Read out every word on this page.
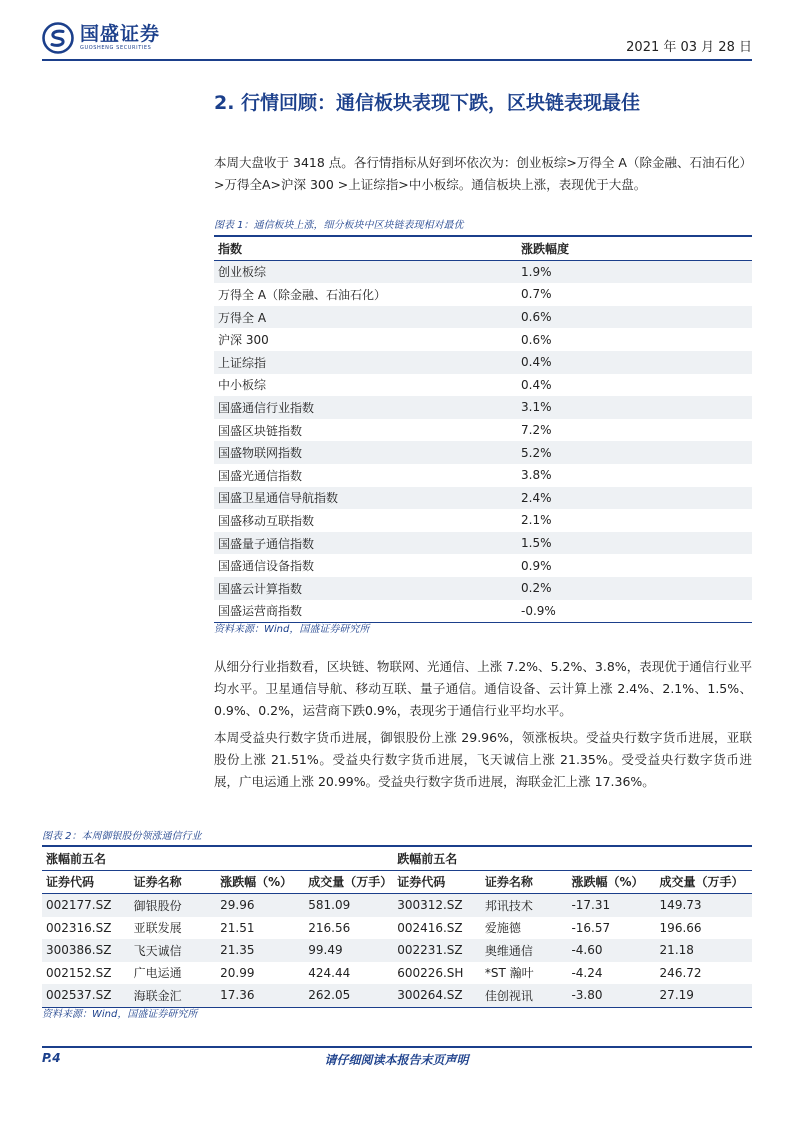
国盛证券
GUOSHENG SECURITIES	2021 年 03 月 28 日
2. 行情回顾：通信板块表现下跌，区块链表现最佳
本周大盘收于 3418 点。各行情指标从好到坏依次为：创业板综>万得全 A（除金融、石油石化）>万得全A>沪深 300 >上证综指>中小板综。通信板块上涨，表现优于大盘。
图表 1：通信板块上涨，细分板块中区块链表现相对最优
指数	涨跌幅度
创业板综	1.9%
万得全 A（除金融、石油石化）	0.7%
万得全 A	0.6%
沪深 300	0.6%
上证综指	0.4%
中小板综	0.4%
国盛通信行业指数	3.1%
国盛区块链指数	7.2%
国盛物联网指数	5.2%
国盛光通信指数	3.8%
国盛卫星通信导航指数	2.4%
国盛移动互联指数	2.1%
国盛量子通信指数	1.5%
国盛通信设备指数	0.9%
国盛云计算指数	0.2%
国盛运营商指数	-0.9%
资料来源：Wind，国盛证券研究所
从细分行业指数看，区块链、物联网、光通信、上涨 7.2%、5.2%、3.8%，表现优于通信行业平均水平。卫星通信导航、移动互联、量子通信。通信设备、云计算上涨 2.4%、2.1%、1.5%、0.9%、0.2%，运营商下跌0.9%，表现劣于通信行业平均水平。
本周受益央行数字货币进展，御银股份上涨 29.96%，领涨板块。受益央行数字货币进展，亚联股份上涨 21.51%。受益央行数字货币进展，飞天诚信上涨 21.35%。受受益央行数字货币进展，广电运通上涨 20.99%。受益央行数字货币进展，海联金汇上涨 17.36%。
图表 2：本周御银股份领涨通信行业
涨幅前五名				跌幅前五名			
证券代码	证券名称	涨跌幅（%）	成交量（万手）	证券代码	证券名称	涨跌幅（%）	成交量（万手）
002177.SZ	御银股份	29.96	581.09	300312.SZ	邦讯技术	-17.31	149.73
002316.SZ	亚联发展	21.51	216.56	002416.SZ	爱施德	-16.57	196.66
300386.SZ	飞天诚信	21.35	99.49	002231.SZ	奥维通信	-4.60	21.18
002152.SZ	广电运通	20.99	424.44	600226.SH	*ST 瀚叶	-4.24	246.72
002537.SZ	海联金汇	17.36	262.05	300264.SZ	佳创视讯	-3.80	27.19
资料来源：Wind，国盛证券研究所
请仔细阅读本报告末页声明
P.4
